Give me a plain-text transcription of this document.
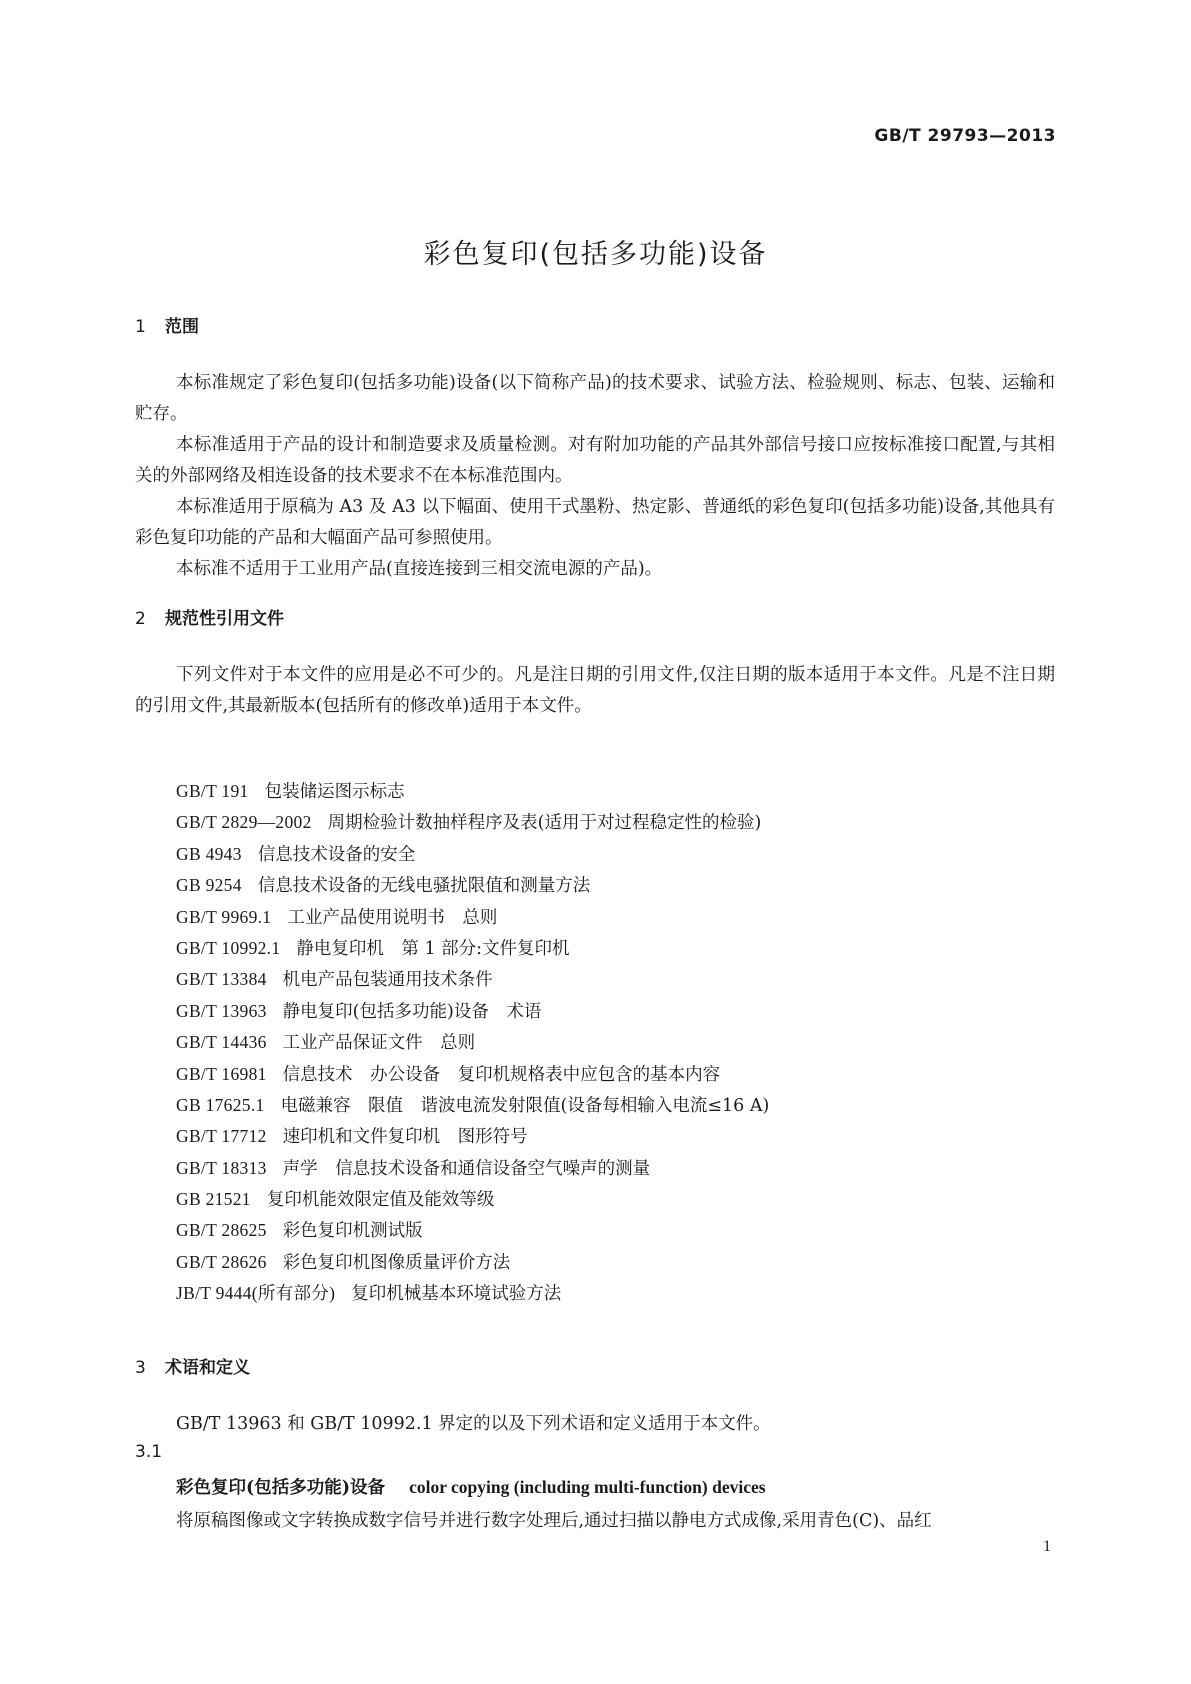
GB/T 29793—2013
彩色复印(包括多功能)设备
1 范围

本标准规定了彩色复印(包括多功能)设备(以下简称产品)的技术要求、试验方法、检验规则、标志、包装、运输和贮存。

本标准适用于产品的设计和制造要求及质量检测。对有附加功能的产品其外部信号接口应按标准接口配置,与其相关的外部网络及相连设备的技术要求不在本标准范围内。

本标准适用于原稿为 A3 及 A3 以下幅面、使用干式墨粉、热定影、普通纸的彩色复印(包括多功能)设备,其他具有彩色复印功能的产品和大幅面产品可参照使用。

本标准不适用于工业用产品(直接连接到三相交流电源的产品)。

2 规范性引用文件

下列文件对于本文件的应用是必不可少的。凡是注日期的引用文件,仅注日期的版本适用于本文件。凡是不注日期的引用文件,其最新版本(包括所有的修改单)适用于本文件。

GB/T 191 包装储运图示标志
GB/T 2829—2002 周期检验计数抽样程序及表(适用于对过程稳定性的检验)
GB 4943 信息技术设备的安全
GB 9254 信息技术设备的无线电骚扰限值和测量方法
GB/T 9969.1 工业产品使用说明书　总则
GB/T 10992.1 静电复印机　第 1 部分:文件复印机
GB/T 13384 机电产品包装通用技术条件
GB/T 13963 静电复印(包括多功能)设备　术语
GB/T 14436 工业产品保证文件　总则
GB/T 16981 信息技术　办公设备　复印机规格表中应包含的基本内容
GB 17625.1 电磁兼容　限值　谐波电流发射限值(设备每相输入电流≤16 A)
GB/T 17712 速印机和文件复印机　图形符号
GB/T 18313 声学　信息技术设备和通信设备空气噪声的测量
GB 21521 复印机能效限定值及能效等级
GB/T 28625 彩色复印机测试版
GB/T 28626 彩色复印机图像质量评价方法
JB/T 9444(所有部分) 复印机械基本环境试验方法
3 术语和定义

GB/T 13963 和 GB/T 10992.1 界定的以及下列术语和定义适用于本文件。

3.1
彩色复印(包括多功能)设备 color copying (including multi-function) devices

将原稿图像或文字转换成数字信号并进行数字处理后,通过扫描以静电方式成像,采用青色(C)、品红

1
